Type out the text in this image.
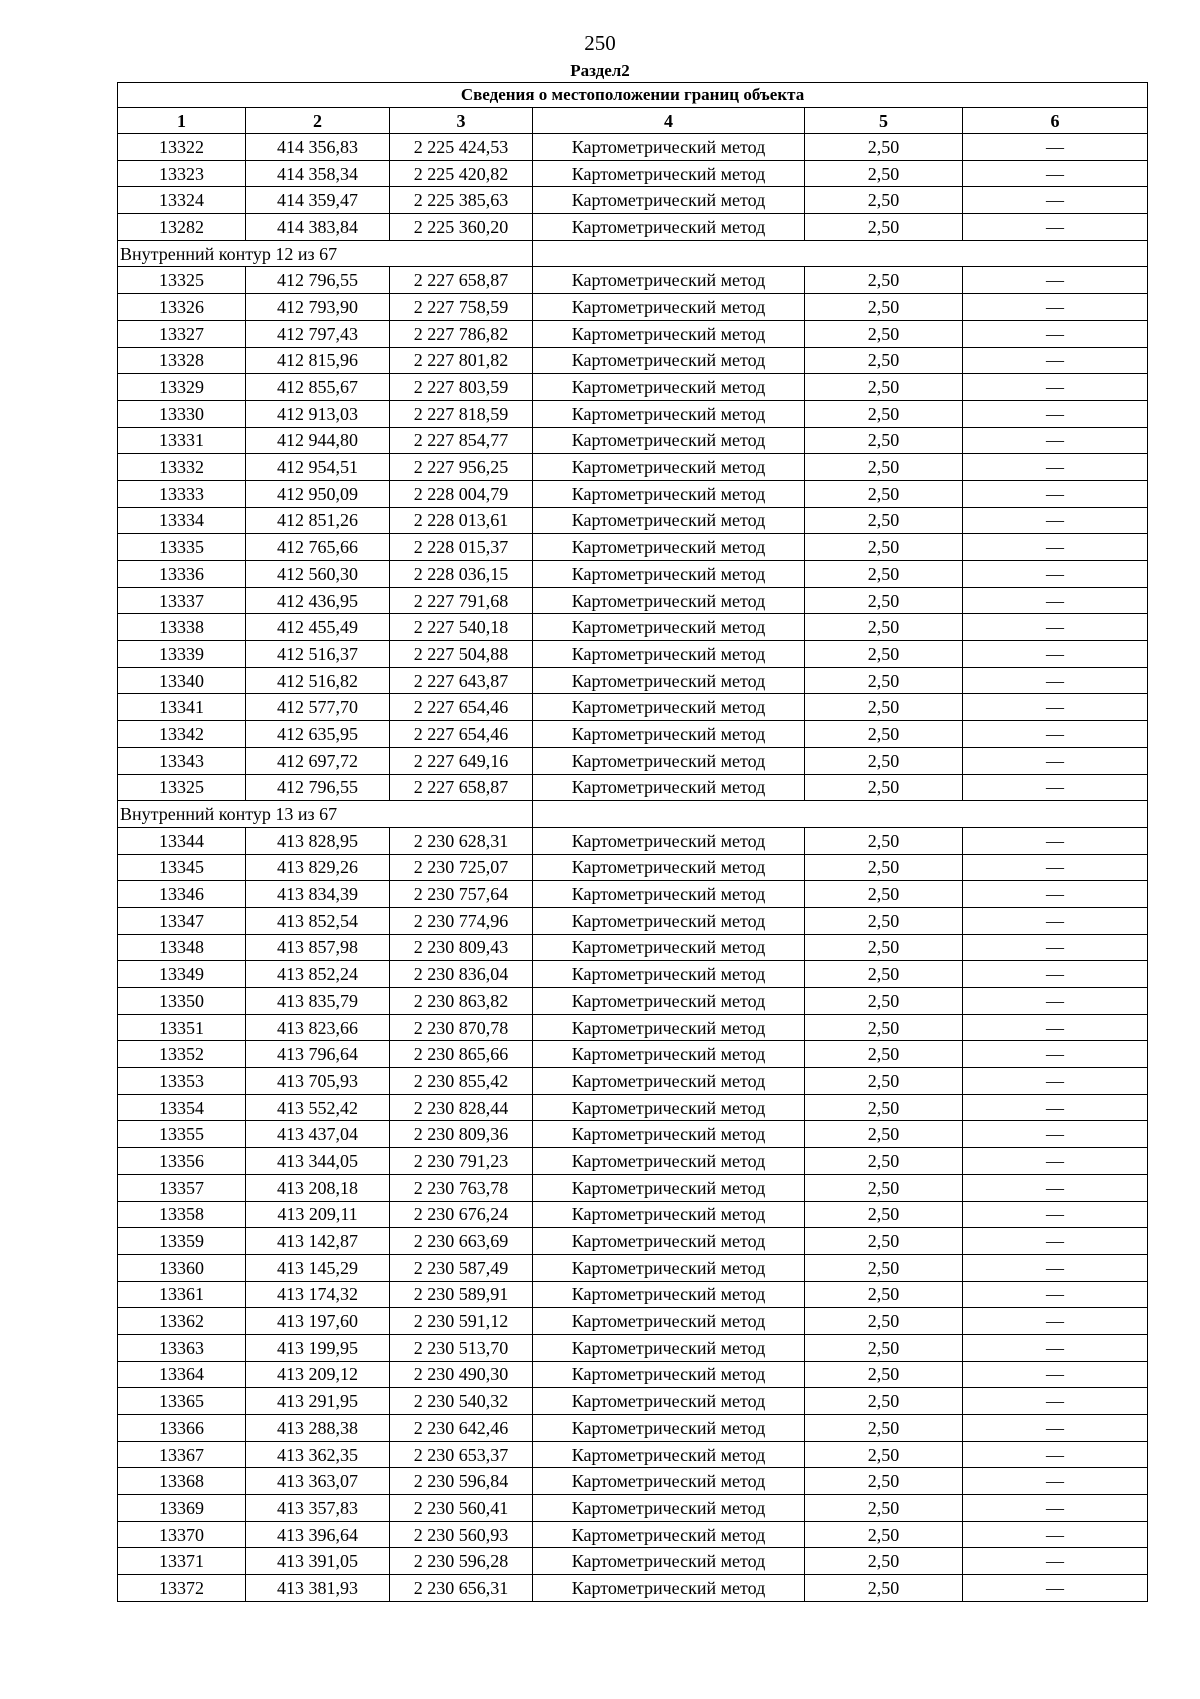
250
Раздел2
Сведения о местоположении границ объекта					
1	2	3	4	5	6
13322	414 356,83	2 225 424,53	Картометрический метод	2,50	—
13323	414 358,34	2 225 420,82	Картометрический метод	2,50	—
13324	414 359,47	2 225 385,63	Картометрический метод	2,50	—
13282	414 383,84	2 225 360,20	Картометрический метод	2,50	—
Внутренний контур 12 из 67					
13325	412 796,55	2 227 658,87	Картометрический метод	2,50	—
13326	412 793,90	2 227 758,59	Картометрический метод	2,50	—
13327	412 797,43	2 227 786,82	Картометрический метод	2,50	—
13328	412 815,96	2 227 801,82	Картометрический метод	2,50	—
13329	412 855,67	2 227 803,59	Картометрический метод	2,50	—
13330	412 913,03	2 227 818,59	Картометрический метод	2,50	—
13331	412 944,80	2 227 854,77	Картометрический метод	2,50	—
13332	412 954,51	2 227 956,25	Картометрический метод	2,50	—
13333	412 950,09	2 228 004,79	Картометрический метод	2,50	—
13334	412 851,26	2 228 013,61	Картометрический метод	2,50	—
13335	412 765,66	2 228 015,37	Картометрический метод	2,50	—
13336	412 560,30	2 228 036,15	Картометрический метод	2,50	—
13337	412 436,95	2 227 791,68	Картометрический метод	2,50	—
13338	412 455,49	2 227 540,18	Картометрический метод	2,50	—
13339	412 516,37	2 227 504,88	Картометрический метод	2,50	—
13340	412 516,82	2 227 643,87	Картометрический метод	2,50	—
13341	412 577,70	2 227 654,46	Картометрический метод	2,50	—
13342	412 635,95	2 227 654,46	Картометрический метод	2,50	—
13343	412 697,72	2 227 649,16	Картометрический метод	2,50	—
13325	412 796,55	2 227 658,87	Картометрический метод	2,50	—
Внутренний контур 13 из 67					
13344	413 828,95	2 230 628,31	Картометрический метод	2,50	—
13345	413 829,26	2 230 725,07	Картометрический метод	2,50	—
13346	413 834,39	2 230 757,64	Картометрический метод	2,50	—
13347	413 852,54	2 230 774,96	Картометрический метод	2,50	—
13348	413 857,98	2 230 809,43	Картометрический метод	2,50	—
13349	413 852,24	2 230 836,04	Картометрический метод	2,50	—
13350	413 835,79	2 230 863,82	Картометрический метод	2,50	—
13351	413 823,66	2 230 870,78	Картометрический метод	2,50	—
13352	413 796,64	2 230 865,66	Картометрический метод	2,50	—
13353	413 705,93	2 230 855,42	Картометрический метод	2,50	—
13354	413 552,42	2 230 828,44	Картометрический метод	2,50	—
13355	413 437,04	2 230 809,36	Картометрический метод	2,50	—
13356	413 344,05	2 230 791,23	Картометрический метод	2,50	—
13357	413 208,18	2 230 763,78	Картометрический метод	2,50	—
13358	413 209,11	2 230 676,24	Картометрический метод	2,50	—
13359	413 142,87	2 230 663,69	Картометрический метод	2,50	—
13360	413 145,29	2 230 587,49	Картометрический метод	2,50	—
13361	413 174,32	2 230 589,91	Картометрический метод	2,50	—
13362	413 197,60	2 230 591,12	Картометрический метод	2,50	—
13363	413 199,95	2 230 513,70	Картометрический метод	2,50	—
13364	413 209,12	2 230 490,30	Картометрический метод	2,50	—
13365	413 291,95	2 230 540,32	Картометрический метод	2,50	—
13366	413 288,38	2 230 642,46	Картометрический метод	2,50	—
13367	413 362,35	2 230 653,37	Картометрический метод	2,50	—
13368	413 363,07	2 230 596,84	Картометрический метод	2,50	—
13369	413 357,83	2 230 560,41	Картометрический метод	2,50	—
13370	413 396,64	2 230 560,93	Картометрический метод	2,50	—
13371	413 391,05	2 230 596,28	Картометрический метод	2,50	—
13372	413 381,93	2 230 656,31	Картометрический метод	2,50	—
